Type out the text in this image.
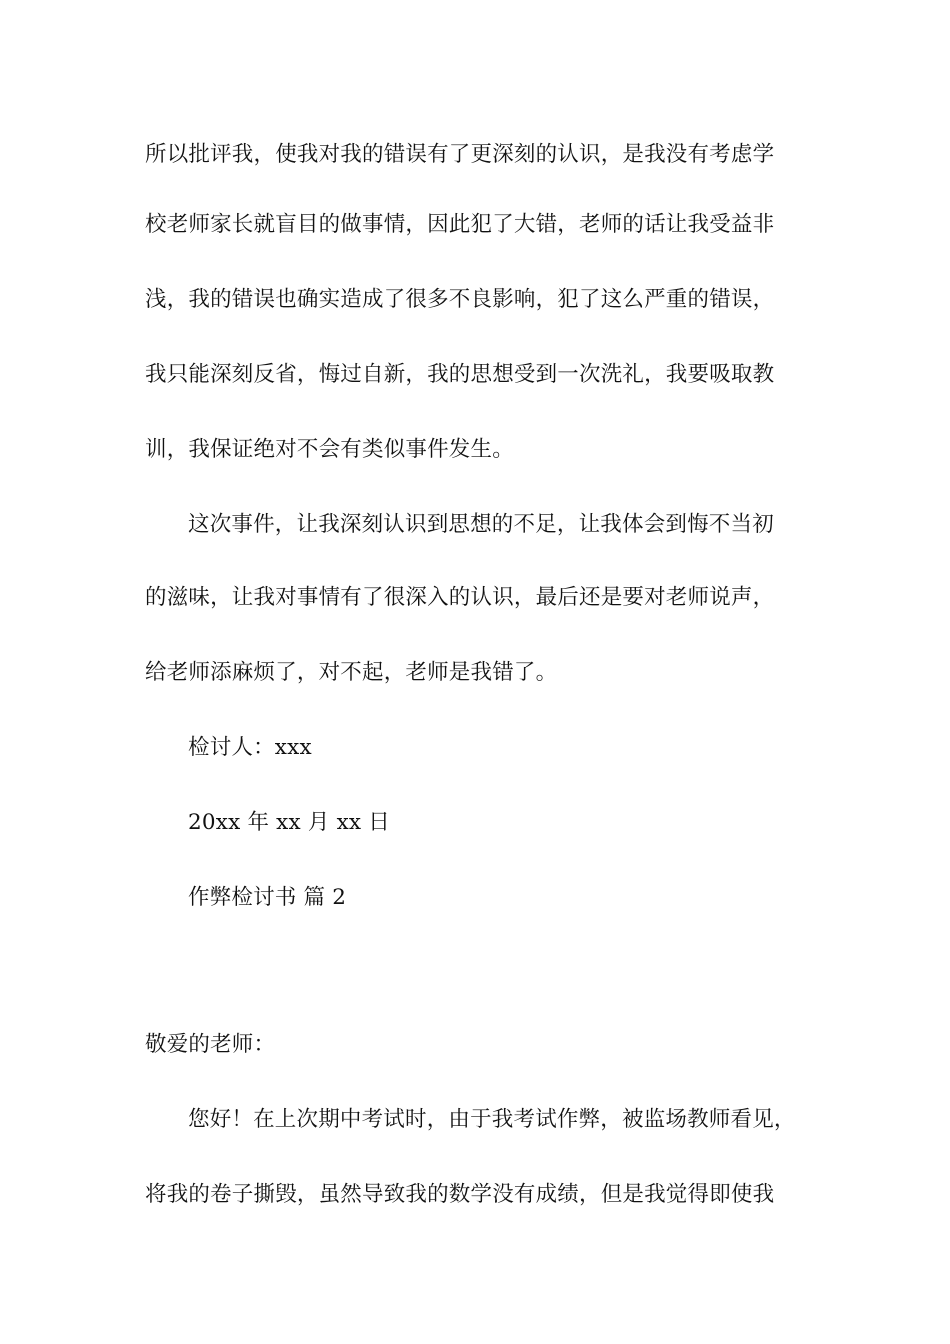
所以批评我，使我对我的错误有了更深刻的认识，是我没有考虑学
校老师家长就盲目的做事情，因此犯了大错，老师的话让我受益非
浅，我的错误也确实造成了很多不良影响，犯了这么严重的错误，
我只能深刻反省，悔过自新，我的思想受到一次洗礼，我要吸取教
训，我保证绝对不会有类似事件发生。
这次事件，让我深刻认识到思想的不足，让我体会到悔不当初
的滋味，让我对事情有了很深入的认识，最后还是要对老师说声，
给老师添麻烦了，对不起，老师是我错了。
检讨人：xxx
20xx 年 xx 月 xx 日
作弊检讨书 篇 2
敬爱的老师：
您好！在上次期中考试时，由于我考试作弊，被监场教师看见，
将我的卷子撕毁，虽然导致我的数学没有成绩，但是我觉得即使我
